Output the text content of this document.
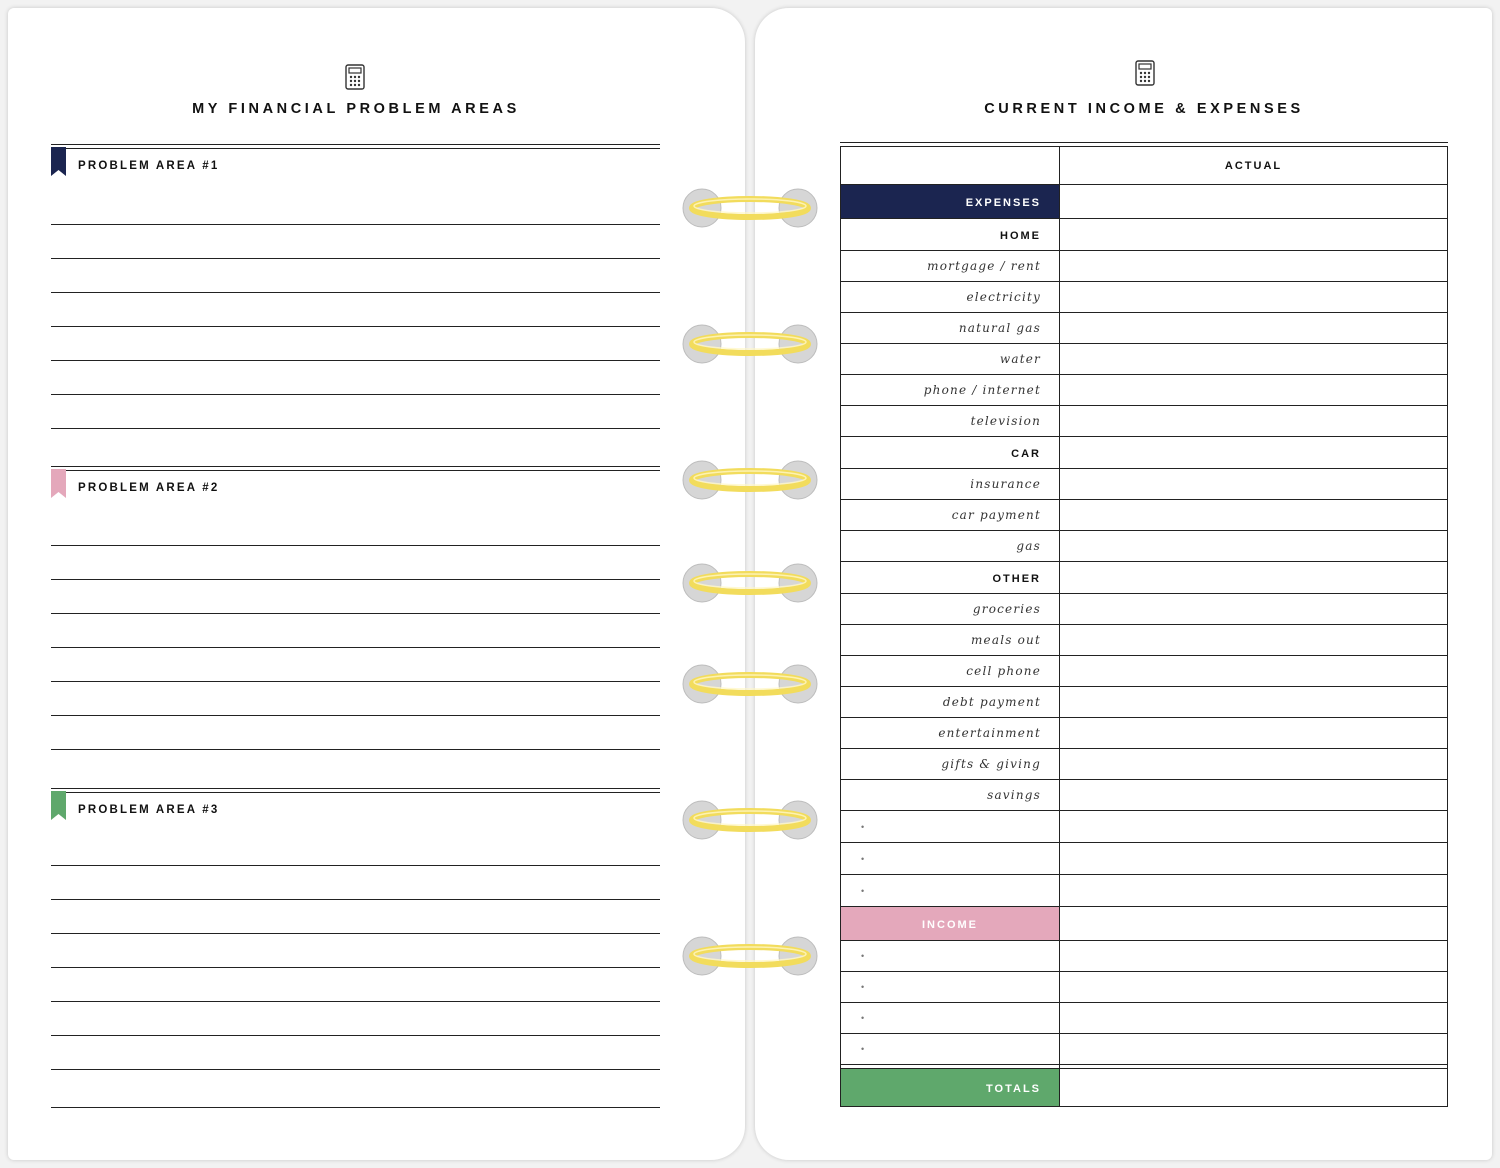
MY FINANCIAL PROBLEM AREAS
PROBLEM AREA #1
PROBLEM AREA #2
PROBLEM AREA #3
CURRENT INCOME & EXPENSES
	ACTUAL
EXPENSES	
HOME	
mortgage / rent	
electricity	
natural gas	
water	
phone / internet	
television	
CAR	
insurance	
car payment	
gas	
OTHER	
groceries	
meals out	
cell phone	
debt payment	
entertainment	
gifts & giving	
savings	
•	
•	
•	
INCOME	
•	
•	
•	
•	

TOTALS	
